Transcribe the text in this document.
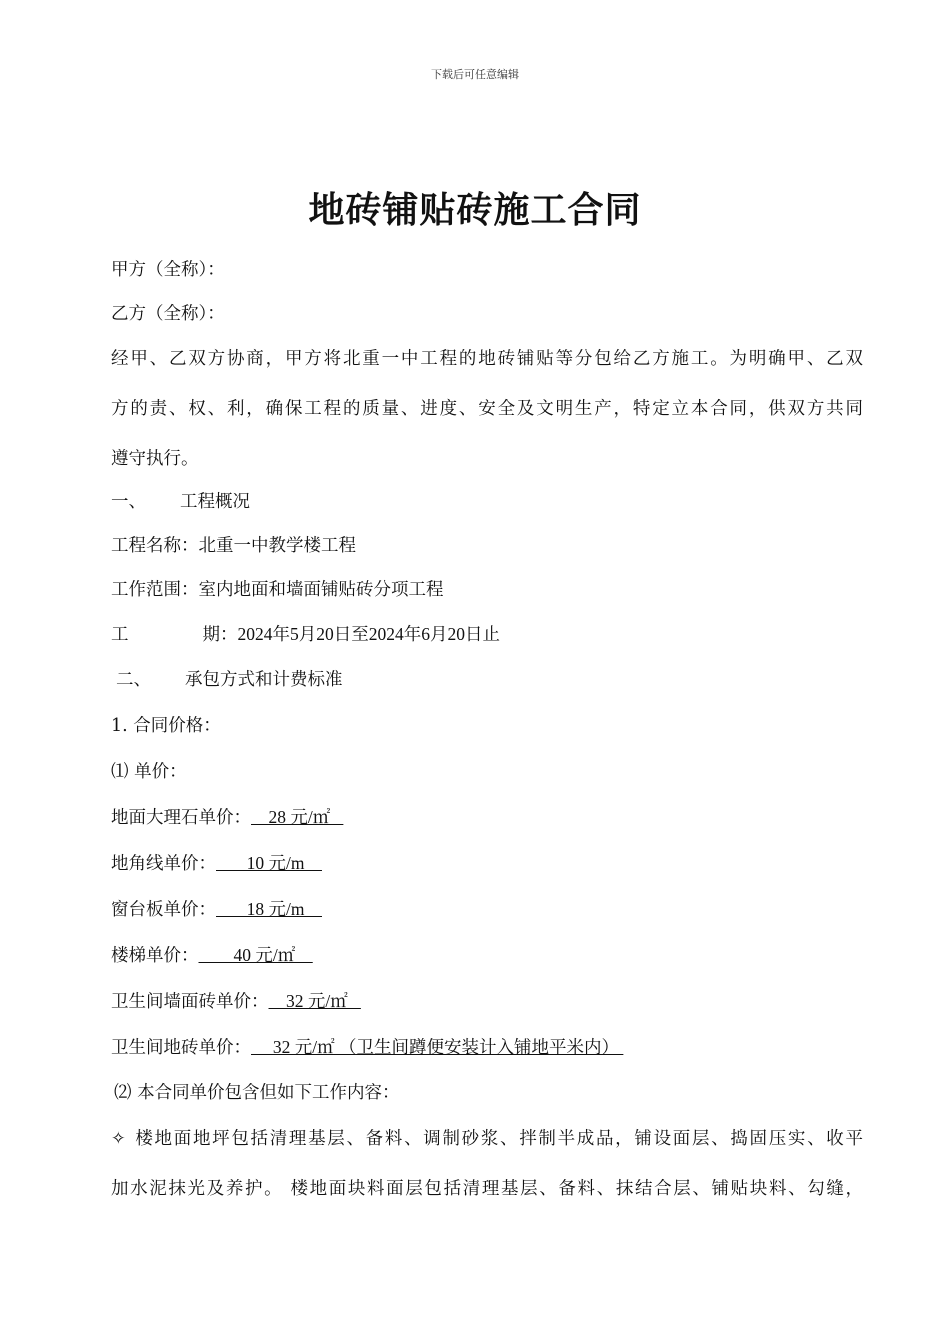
下载后可任意编辑
地砖铺贴砖施工合同
甲方（全称）：
乙方（全称）：
经甲、乙双方协商，甲方将北重一中工程的地砖铺贴等分包给乙方施工。为明确甲、乙双
方的责、权、利，确保工程的质量、进度、安全及文明生产，特定立本合同，供双方共同
遵守执行。
一、 工程概况
工程名称：北重一中教学楼工程
工作范围：室内地面和墙面铺贴砖分项工程
工	期：2024年5月20日至2024年6月20日止
二、 承包方式和计费标准
1. 合同价格：
⑴ 单价：
地面大理石单价：    28 元/㎡
地角线单价：       10 元/m
窗台板单价：       18 元/m
楼梯单价：        40 元/㎡
卫生间墙面砖单价：    32 元/㎡
卫生间地砖单价：     32 元/㎡ （卫生间蹲便安装计入铺地平米内）
⑵ 本合同单价包含但如下工作内容：
✧ 楼地面地坪包括清理基层、备料、调制砂浆、拌制半成品，铺设面层、捣固压实、收平
加水泥抹光及养护。 楼地面块料面层包括清理基层、备料、抹结合层、铺贴块料、勾缝，
